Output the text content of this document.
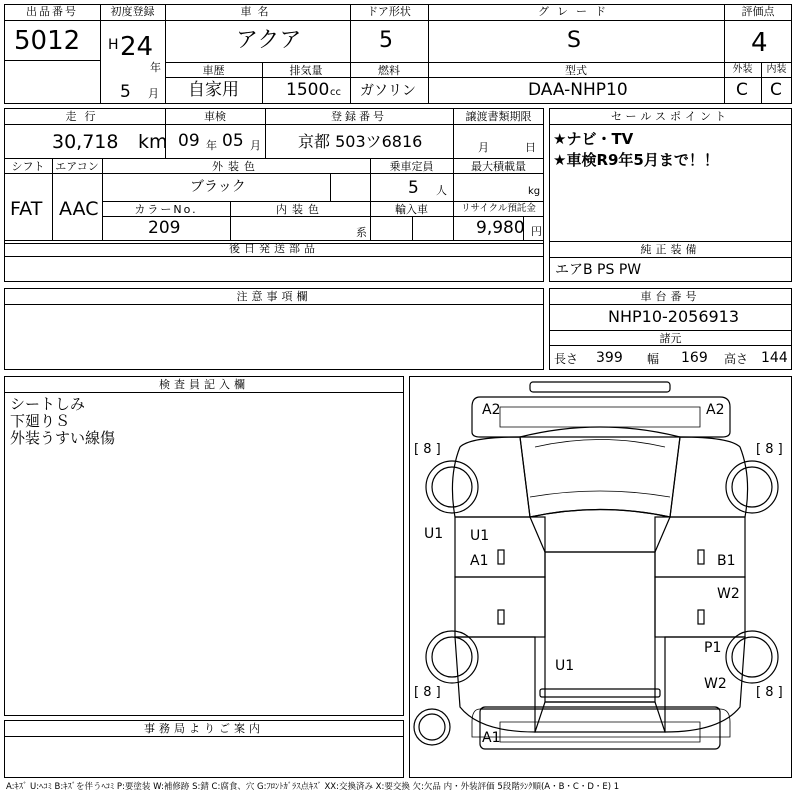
出品番号
5012
初度登録
H 24
年
5 月
車名
アクア
ドア形状
5
グレード
S
評価点
4
車歴
自家用
排気量
1500 cc
燃料
ガソリン
型式
DAA-NHP10
外装
C
内装
C
走行
30,718 km
車検
09 年 05 月
登録番号
京都 503ツ6816
譲渡書類期限
月	日
シフト
FAT
エアコン
AAC
外装色
ブラック
乗車定員
5 人
最大積載量
kg
カラーNo.
209
内装色
系
輸入車	リサイクル預託金
9,980 円
後日発送部品
セールスポイント
★ナビ・TV
★車検R9年5月まで！！
純正装備
エアB PS PW
注意事項欄	車台番号
NHP10-2056913
諸元
長さ 399 幅 169 高さ 144
検査員記入欄
シートしみ
下廻りＳ
外装うすい線傷
事務局よりご案内
A2	A2
[ 8 ]	[ 8 ]
U1 U1
A1	B1
W2
P1
W2
U1
[ 8 ]	[ 8 ]
A1
A:ｷｽﾞ U:ﾍｺﾐ B:ｷｽﾞを伴うﾍｺﾐ P:要塗装 W:補修跡 S:錆 C:腐食、穴 G:ﾌﾛﾝﾄｶﾞﾗｽ点ｷｽﾞ XX:交換済み X:要交換 欠:欠品 内・外装評価 5段階ﾗﾝｸ順(A・B・C・D・E) 1
